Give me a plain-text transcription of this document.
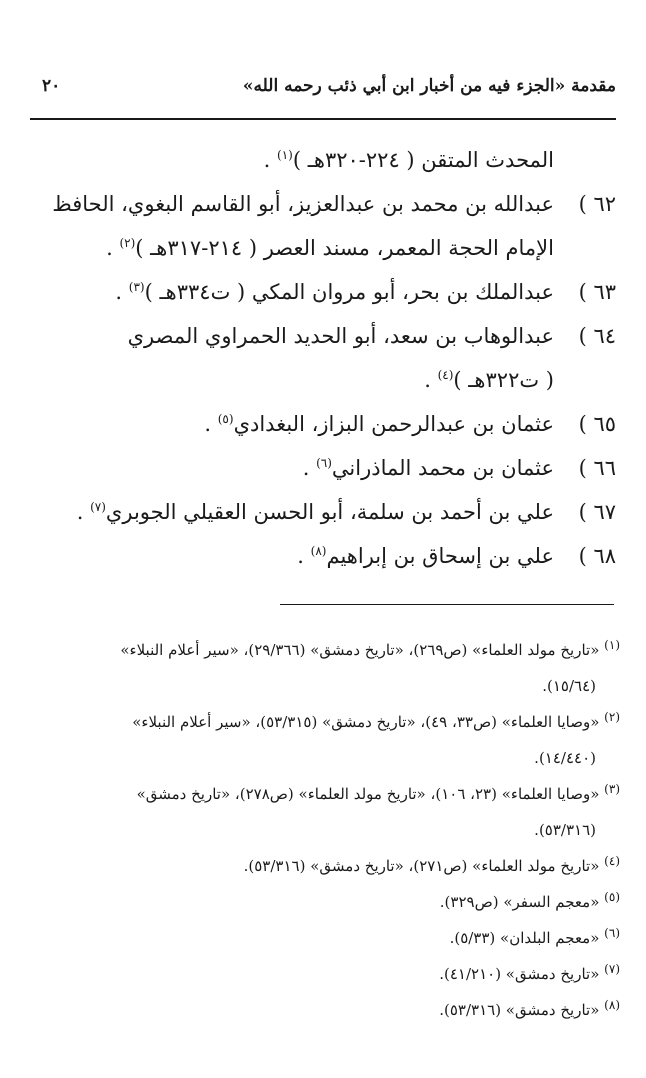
مقدمة «الجزء فيه من أخبار ابن أبي ذئب رحمه الله»
٢٠
المحدث المتقن ( ٢٢٤-٣٢٠هـ )$^{(١)}$ .
٦٢ )
عبدالله بن محمد بن عبدالعزيز، أبو القاسم البغوي، الحافظ
الإمام الحجة المعمر، مسند العصر ( ٢١٤-٣١٧هـ )$^{(٢)}$ .
٦٣ )
عبدالملك بن بحر، أبو مروان المكي ( ت٣٣٤هـ )$^{(٣)}$ .
٦٤ )
عبدالوهاب بن سعد، أبو الحديد الحمراوي المصري
( ت٣٢٢هـ )$^{(٤)}$ .
٦٥ )
عثمان بن عبدالرحمن البزاز، البغدادي$^{(٥)}$ .
٦٦ )
عثمان بن محمد الماذراني$^{(٦)}$ .
٦٧ )
علي بن أحمد بن سلمة، أبو الحسن العقيلي الجوبري$^{(٧)}$ .
٦٨ )
علي بن إسحاق بن إبراهيم$^{(٨)}$ .
$^{(١)}$ «تاريخ مولد العلماء» (ص٢٦٩)، «تاريخ دمشق» (٢٩/٣٦٦)، «سير أعلام النبلاء»
(١٥/٦٤).
$^{(٢)}$ «وصايا العلماء» (ص٣٣، ٤٩)، «تاريخ دمشق» (٥٣/٣١٥)، «سير أعلام النبلاء»
(١٤/٤٤٠).
$^{(٣)}$ «وصايا العلماء» (٢٣، ١٠٦)، «تاريخ مولد العلماء» (ص٢٧٨)، «تاريخ دمشق»
(٥٣/٣١٦).
$^{(٤)}$ «تاريخ مولد العلماء» (ص٢٧١)، «تاريخ دمشق» (٥٣/٣١٦).
$^{(٥)}$ «معجم السفر» (ص٣٢٩).
$^{(٦)}$ «معجم البلدان» (٥/٣٣).
$^{(٧)}$ «تاريخ دمشق» (٤١/٢١٠).
$^{(٨)}$ «تاريخ دمشق» (٥٣/٣١٦).
